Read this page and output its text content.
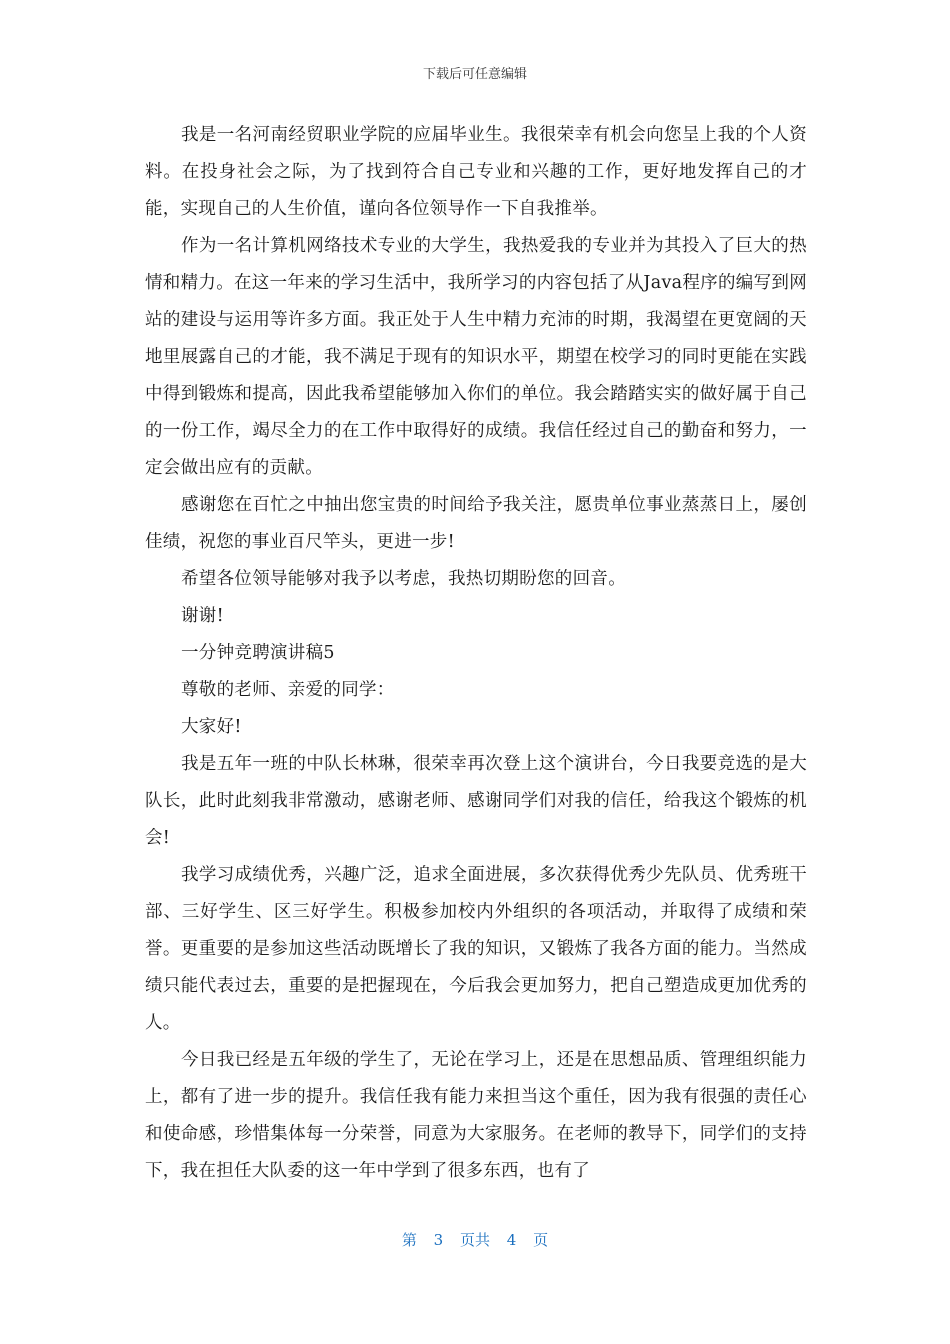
下载后可任意编辑

我是一名河南经贸职业学院的应届毕业生。我很荣幸有机会向您呈上我的个人资料。在投身社会之际，为了找到符合自己专业和兴趣的工作，更好地发挥自己的才能，实现自己的人生价值，谨向各位领导作一下自我推举。

作为一名计算机网络技术专业的大学生，我热爱我的专业并为其投入了巨大的热情和精力。在这一年来的学习生活中，我所学习的内容包括了从Java程序的编写到网站的建设与运用等许多方面。我正处于人生中精力充沛的时期，我渴望在更宽阔的天地里展露自己的才能，我不满足于现有的知识水平，期望在校学习的同时更能在实践中得到锻炼和提高，因此我希望能够加入你们的单位。我会踏踏实实的做好属于自己的一份工作，竭尽全力的在工作中取得好的成绩。我信任经过自己的勤奋和努力，一定会做出应有的贡献。

感谢您在百忙之中抽出您宝贵的时间给予我关注，愿贵单位事业蒸蒸日上，屡创佳绩，祝您的事业百尺竿头，更进一步!

希望各位领导能够对我予以考虑，我热切期盼您的回音。

谢谢!

一分钟竞聘演讲稿5

尊敬的老师、亲爱的同学：

大家好!

我是五年一班的中队长林琳，很荣幸再次登上这个演讲台，今日我要竞选的是大队长，此时此刻我非常激动，感谢老师、感谢同学们对我的信任，给我这个锻炼的机会!

我学习成绩优秀，兴趣广泛，追求全面进展，多次获得优秀少先队员、优秀班干部、三好学生、区三好学生。积极参加校内外组织的各项活动，并取得了成绩和荣誉。更重要的是参加这些活动既增长了我的知识，又锻炼了我各方面的能力。当然成绩只能代表过去，重要的是把握现在，今后我会更加努力，把自己塑造成更加优秀的人。

今日我已经是五年级的学生了，无论在学习上，还是在思想品质、管理组织能力上，都有了进一步的提升。我信任我有能力来担当这个重任，因为我有很强的责任心和使命感，珍惜集体每一分荣誉，同意为大家服务。在老师的教导下，同学们的支持下，我在担任大队委的这一年中学到了很多东西，也有了

第 3 页共 4 页
